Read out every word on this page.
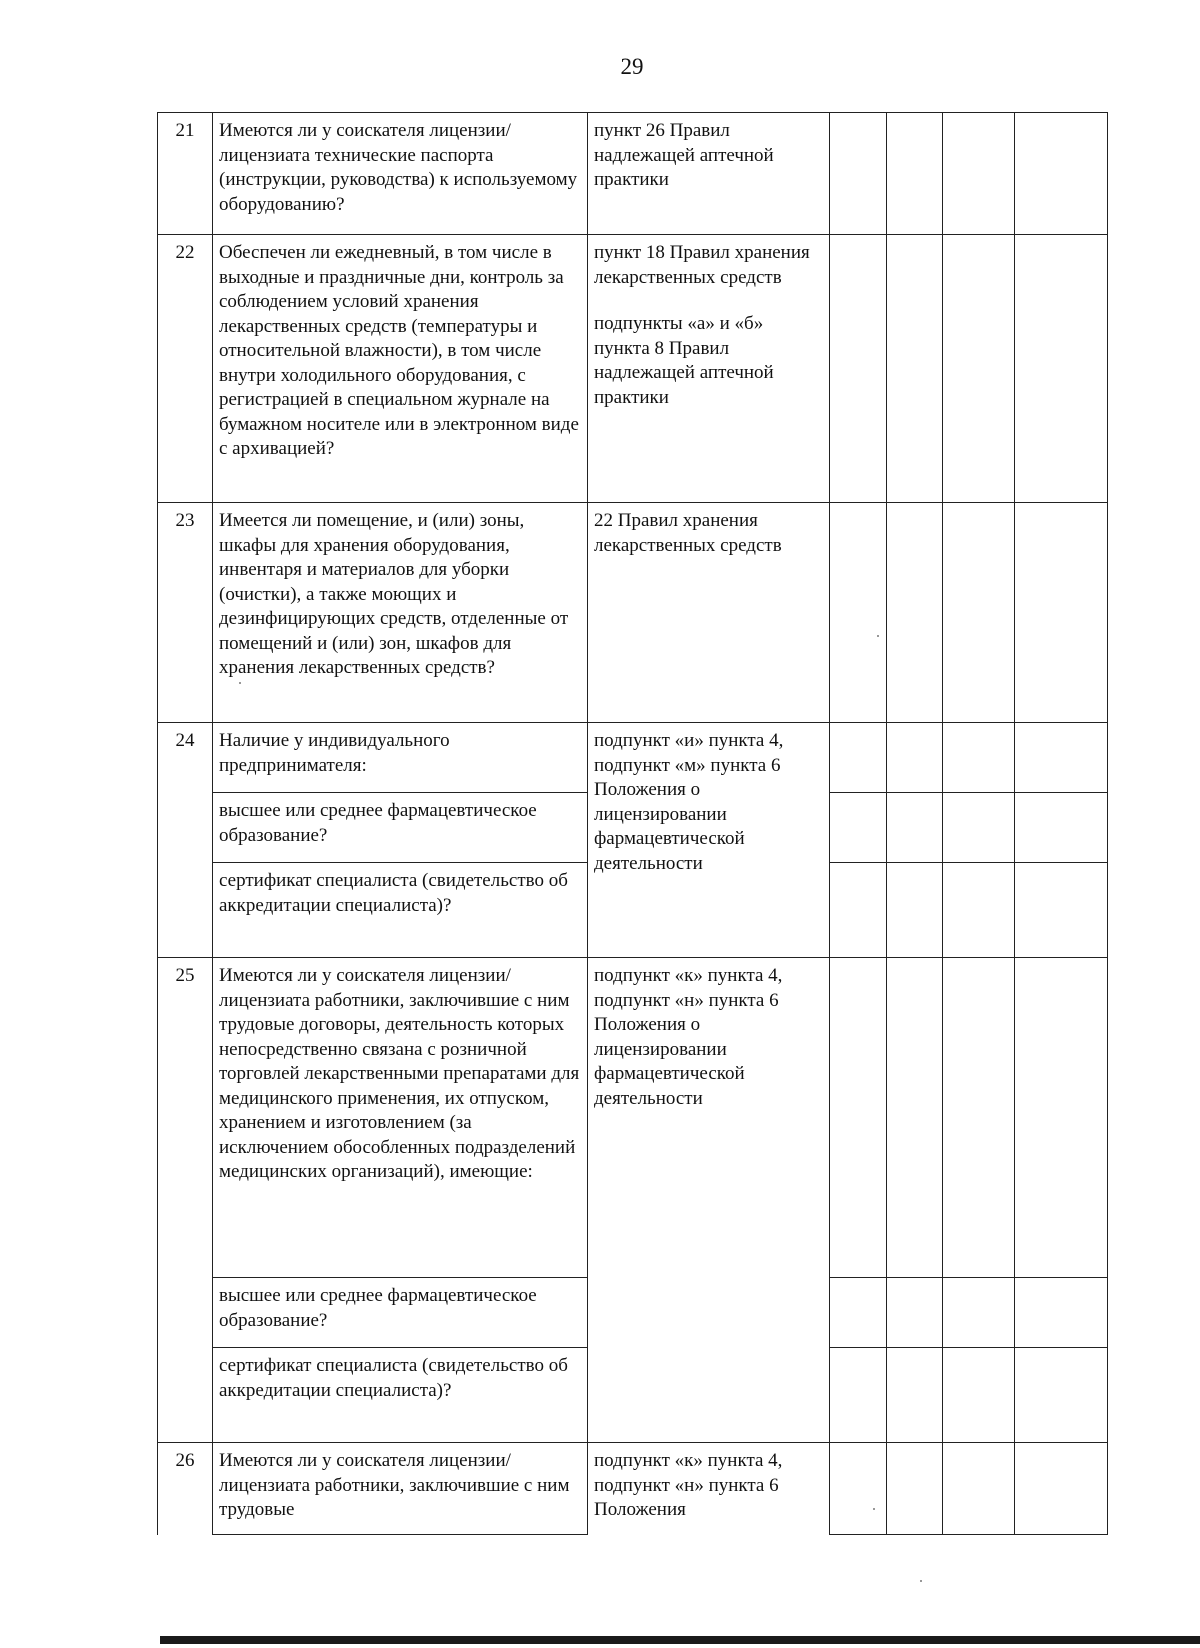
29
21	Имеются ли у соискателя лицензии/лицензиата технические паспорта (инструкции, руководства) к используемому оборудованию?	пункт 26 Правил надлежащей аптечной практики				
22	Обеспечен ли ежедневный, в том числе в выходные и праздничные дни, контроль за соблюдением условий хранения лекарственных средств (температуры и относительной влажности), в том числе внутри холодильного оборудования, с регистрацией в специальном журнале на бумажном носителе или в электронном виде с архивацией?	пункт 18 Правил хранения лекарственных средств
подпункты «а» и «б» пункта 8 Правил надлежащей аптечной практики				

23	Имеется ли помещение, и (или) зоны, шкафы для хранения оборудования, инвентаря и материалов для уборки (очистки), а также моющих и дезинфицирующих средств, отделенные от помещений и (или) зон, шкафов для хранения лекарственных средств?	22 Правил хранения лекарственных средств				
24	Наличие у индивидуального предпринимателя:	подпункт «и» пункта 4, подпункт «м» пункта 6 Положения о лицензировании фармацевтической деятельности				
	высшее или среднее фармацевтическое образование?					
	сертификат специалиста (свидетельство об аккредитации специалиста)?					
25	Имеются ли у соискателя лицензии/лицензиата работники, заключившие с ним трудовые договоры, деятельность которых непосредственно связана с розничной торговлей лекарственными препаратами для медицинского применения, их отпуском, хранением и изготовлением (за исключением обособленных подразделений медицинских организаций), имеющие:	подпункт «к» пункта 4, подпункт «н» пункта 6 Положения о лицензировании фармацевтической деятельности				
	высшее или среднее фармацевтическое образование?					
	сертификат специалиста (свидетельство об аккредитации специалиста)?					
26	Имеются ли у соискателя лицензии/лицензиата работники, заключившие с ним трудовые	подпункт «к» пункта 4, подпункт «н» пункта 6 Положения				
